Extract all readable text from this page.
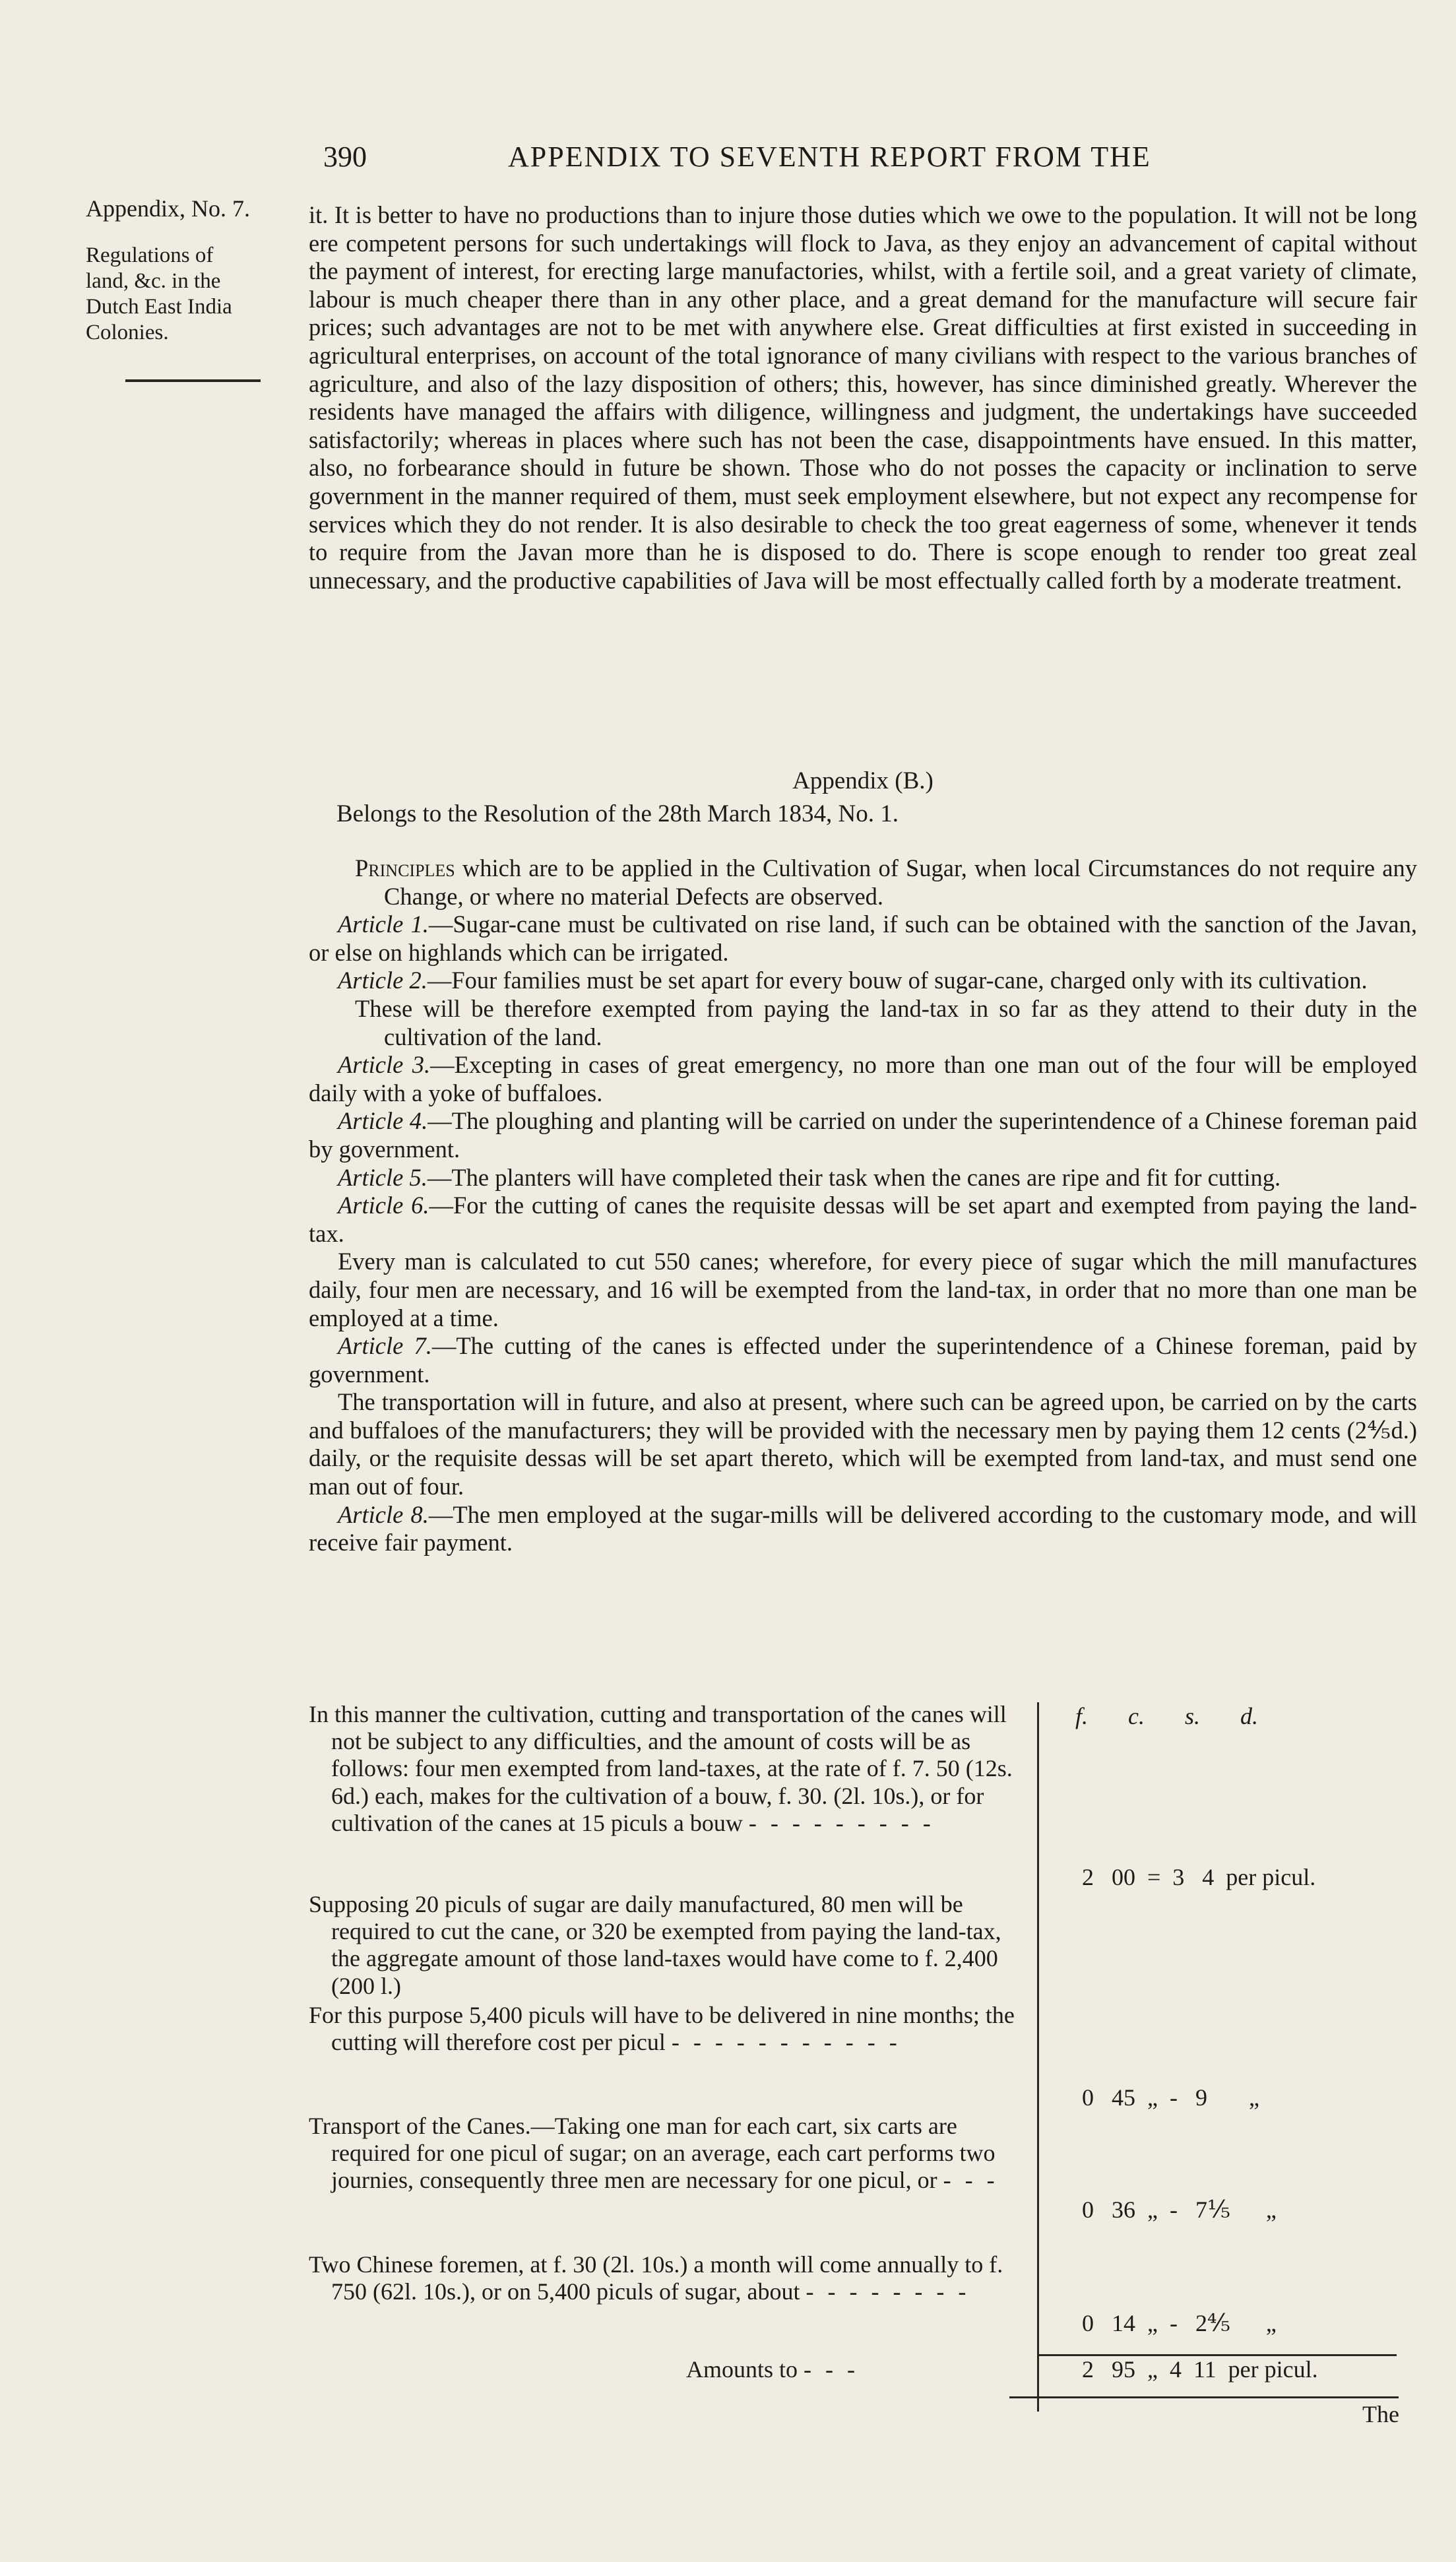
390	APPENDIX TO SEVENTH REPORT FROM THE
Appendix, No. 7.
Regulations of
land, &c. in the
Dutch East India
Colonies.

it. It is better to have no productions than to injure those duties which we owe to the population. It will not be long ere competent persons for such undertakings will flock to Java, as they enjoy an advancement of capital without the payment of interest, for erecting large manufactories, whilst, with a fertile soil, and a great variety of climate, labour is much cheaper there than in any other place, and a great demand for the manufacture will secure fair prices; such advantages are not to be met with anywhere else. Great difficulties at first existed in succeeding in agricultural enterprises, on account of the total ignorance of many civilians with respect to the various branches of agriculture, and also of the lazy disposition of others; this, however, has since diminished greatly. Wherever the residents have managed the affairs with diligence, willingness and judgment, the undertakings have succeeded satisfactorily; whereas in places where such has not been the case, disappointments have ensued. In this matter, also, no forbearance should in future be shown. Those who do not posses the capacity or inclination to serve government in the manner required of them, must seek employment elsewhere, but not expect any recompense for services which they do not render. It is also desirable to check the too great eagerness of some, whenever it tends to require from the Javan more than he is disposed to do. There is scope enough to render too great zeal unnecessary, and the productive capabilities of Java will be most effectually called forth by a moderate treatment.

Appendix (B.)
Belongs to the Resolution of the 28th March 1834, No. 1.

Principles which are to be applied in the Cultivation of Sugar, when local Circumstances do not require any Change, or where no material Defects are observed.

Article 1.—Sugar-cane must be cultivated on rise land, if such can be obtained with the sanction of the Javan, or else on highlands which can be irrigated.

Article 2.—Four families must be set apart for every bouw of sugar-cane, charged only with its cultivation.

These will be therefore exempted from paying the land-tax in so far as they attend to their duty in the cultivation of the land.

Article 3.—Excepting in cases of great emergency, no more than one man out of the four will be employed daily with a yoke of buffaloes.

Article 4.—The ploughing and planting will be carried on under the superintendence of a Chinese foreman paid by government.

Article 5.—The planters will have completed their task when the canes are ripe and fit for cutting.

Article 6.—For the cutting of canes the requisite dessas will be set apart and exempted from paying the land-tax.

Every man is calculated to cut 550 canes; wherefore, for every piece of sugar which the mill manufactures daily, four men are necessary, and 16 will be exempted from the land-tax, in order that no more than one man be employed at a time.

Article 7.—The cutting of the canes is effected under the superintendence of a Chinese foreman, paid by government.

The transportation will in future, and also at present, where such can be agreed upon, be carried on by the carts and buffaloes of the manufacturers; they will be provided with the necessary men by paying them 12 cents (2⅘d.) daily, or the requisite dessas will be set apart thereto, which will be exempted from land-tax, and must send one man out of four.

Article 8.—The men employed at the sugar-mills will be delivered according to the customary mode, and will receive fair payment.

f. c. s. d.

In this manner the cultivation, cutting and transportation of the canes will not be subject to any difficulties, and the amount of costs will be as follows: four men exempted from land-taxes, at the rate of f. 7. 50 (12s. 6d.) each, makes for the cultivation of a bouw, f. 30. (2l. 10s.), or for cultivation of the canes at 15 piculs a bouw - - - - - - - - -

2   00  =  3   4  per picul.

Supposing 20 piculs of sugar are daily manufactured, 80 men will be required to cut the cane, or 320 be exempted from paying the land-tax, the aggregate amount of those land-taxes would have come to f. 2,400 (200 l.)

For this purpose 5,400 piculs will have to be delivered in nine months; the cutting will therefore cost per picul - - - - - - - - - - -

0   45  „  -   9       „

Transport of the Canes.—Taking one man for each cart, six carts are required for one picul of sugar; on an average, each cart performs two journies, consequently three men are necessary for one picul, or - - -

0   36  „  -   7⅕      „

Two Chinese foremen, at f. 30 (2l. 10s.) a month will come annually to f. 750 (62l. 10s.), or on 5,400 piculs of sugar, about - - - - - - - -

0   14  „  -   2⅘      „
Amounts to - - -	2   95  „  4  11  per picul.
The
